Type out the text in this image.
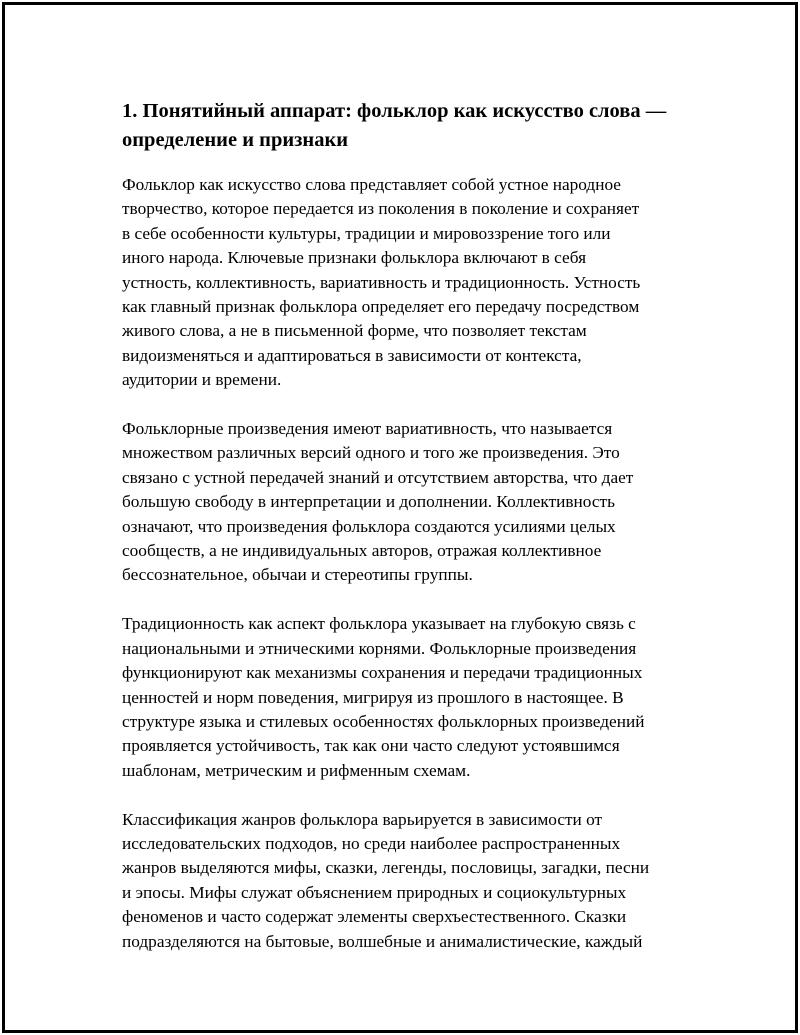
1. Понятийный аппарат: фольклор как искусство слова —
определение и признаки
Фольклор как искусство слова представляет собой устное народное
творчество, которое передается из поколения в поколение и сохраняет
в себе особенности культуры, традиции и мировоззрение того или
иного народа. Ключевые признаки фольклора включают в себя
устность, коллективность, вариативность и традиционность. Устность
как главный признак фольклора определяет его передачу посредством
живого слова, а не в письменной форме, что позволяет текстам
видоизменяться и адаптироваться в зависимости от контекста,
аудитории и времени.
Фольклорные произведения имеют вариативность, что называется
множеством различных версий одного и того же произведения. Это
связано с устной передачей знаний и отсутствием авторства, что дает
большую свободу в интерпретации и дополнении. Коллективность
означают, что произведения фольклора создаются усилиями целых
сообществ, а не индивидуальных авторов, отражая коллективное
бессознательное, обычаи и стереотипы группы.
Традиционность как аспект фольклора указывает на глубокую связь с
национальными и этническими корнями. Фольклорные произведения
функционируют как механизмы сохранения и передачи традиционных
ценностей и норм поведения, мигрируя из прошлого в настоящее. В
структуре языка и стилевых особенностях фольклорных произведений
проявляется устойчивость, так как они часто следуют устоявшимся
шаблонам, метрическим и рифменным схемам.
Классификация жанров фольклора варьируется в зависимости от
исследовательских подходов, но среди наиболее распространенных
жанров выделяются мифы, сказки, легенды, пословицы, загадки, песни
и эпосы. Мифы служат объяснением природных и социокультурных
феноменов и часто содержат элементы сверхъестественного. Сказки
подразделяются на бытовые, волшебные и анималистические, каждый
